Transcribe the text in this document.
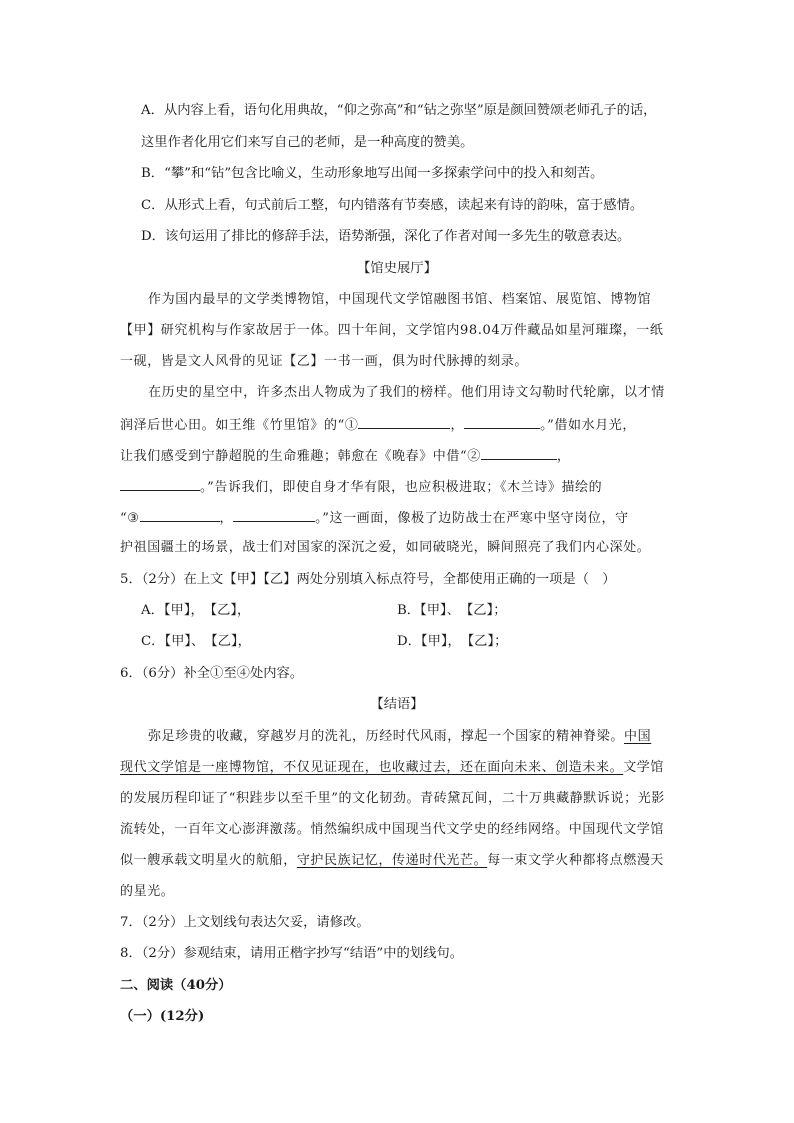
A．从内容上看，语句化用典故，“仰之弥高”和“钻之弥坚”原是颜回赞颂老师孔子的话，
这里作者化用它们来写自己的老师，是一种高度的赞美。
B．“攀”和“钻”包含比喻义，生动形象地写出闻一多探索学问中的投入和刻苦。
C．从形式上看，句式前后工整，句内错落有节奏感，读起来有诗的韵味，富于感情。
D．该句运用了排比的修辞手法，语势渐强，深化了作者对闻一多先生的敬意表达。
【馆史展厅】
作为国内最早的文学类博物馆，中国现代文学馆融图书馆、档案馆、展览馆、博物馆
【甲】研究机构与作家故居于一体。四十年间，文学馆内98.04万件藏品如星河璀璨，一纸
一砚，皆是文人风骨的见证【乙】一书一画，俱为时代脉搏的刻录。
在历史的星空中，许多杰出人物成为了我们的榜样。他们用诗文勾勒时代轮廓，以才情
润泽后世心田。如王维《竹里馆》的“①	，	。”借如水月光，
让我们感受到宁静超脱的生命雅趣；韩愈在《晚春》中借“②	，
。”告诉我们，即使自身才华有限，也应积极进取；《木兰诗》描绘的
“③	，	。”这一画面，像极了边防战士在严寒中坚守岗位，守
护祖国疆土的场景，战士们对国家的深沉之爱，如同破晓光，瞬间照亮了我们内心深处。
5．（2分）在上文【甲】【乙】两处分别填入标点符号，全都使用正确的一项是（　）
A．【甲】，　【乙】，	B．【甲】、　【乙】；
C．【甲】、　【乙】，	D．【甲】，　【乙】；
6．（6分）补全①至④处内容。
【结语】
弥足珍贵的收藏，穿越岁月的洗礼，历经时代风雨，撑起一个国家的精神脊梁。中国
现代文学馆是一座博物馆，不仅见证现在，也收藏过去，还在面向未来、创造未来。文学馆
的发展历程印证了“积跬步以至千里”的文化韧劲。青砖黛瓦间，二十万典藏静默诉说；光影
流转处，一百年文心澎湃激荡。悄然编织成中国现当代文学史的经纬网络。中国现代文学馆
似一艘承载文明星火的航船，守护民族记忆，传递时代光芒。每一束文学火种都将点燃漫天
的星光。
7．（2分）上文划线句表达欠妥，请修改。
8．（2分）参观结束，请用正楷字抄写“结语”中的划线句。
二、阅读（40分）
（一）(12分)
